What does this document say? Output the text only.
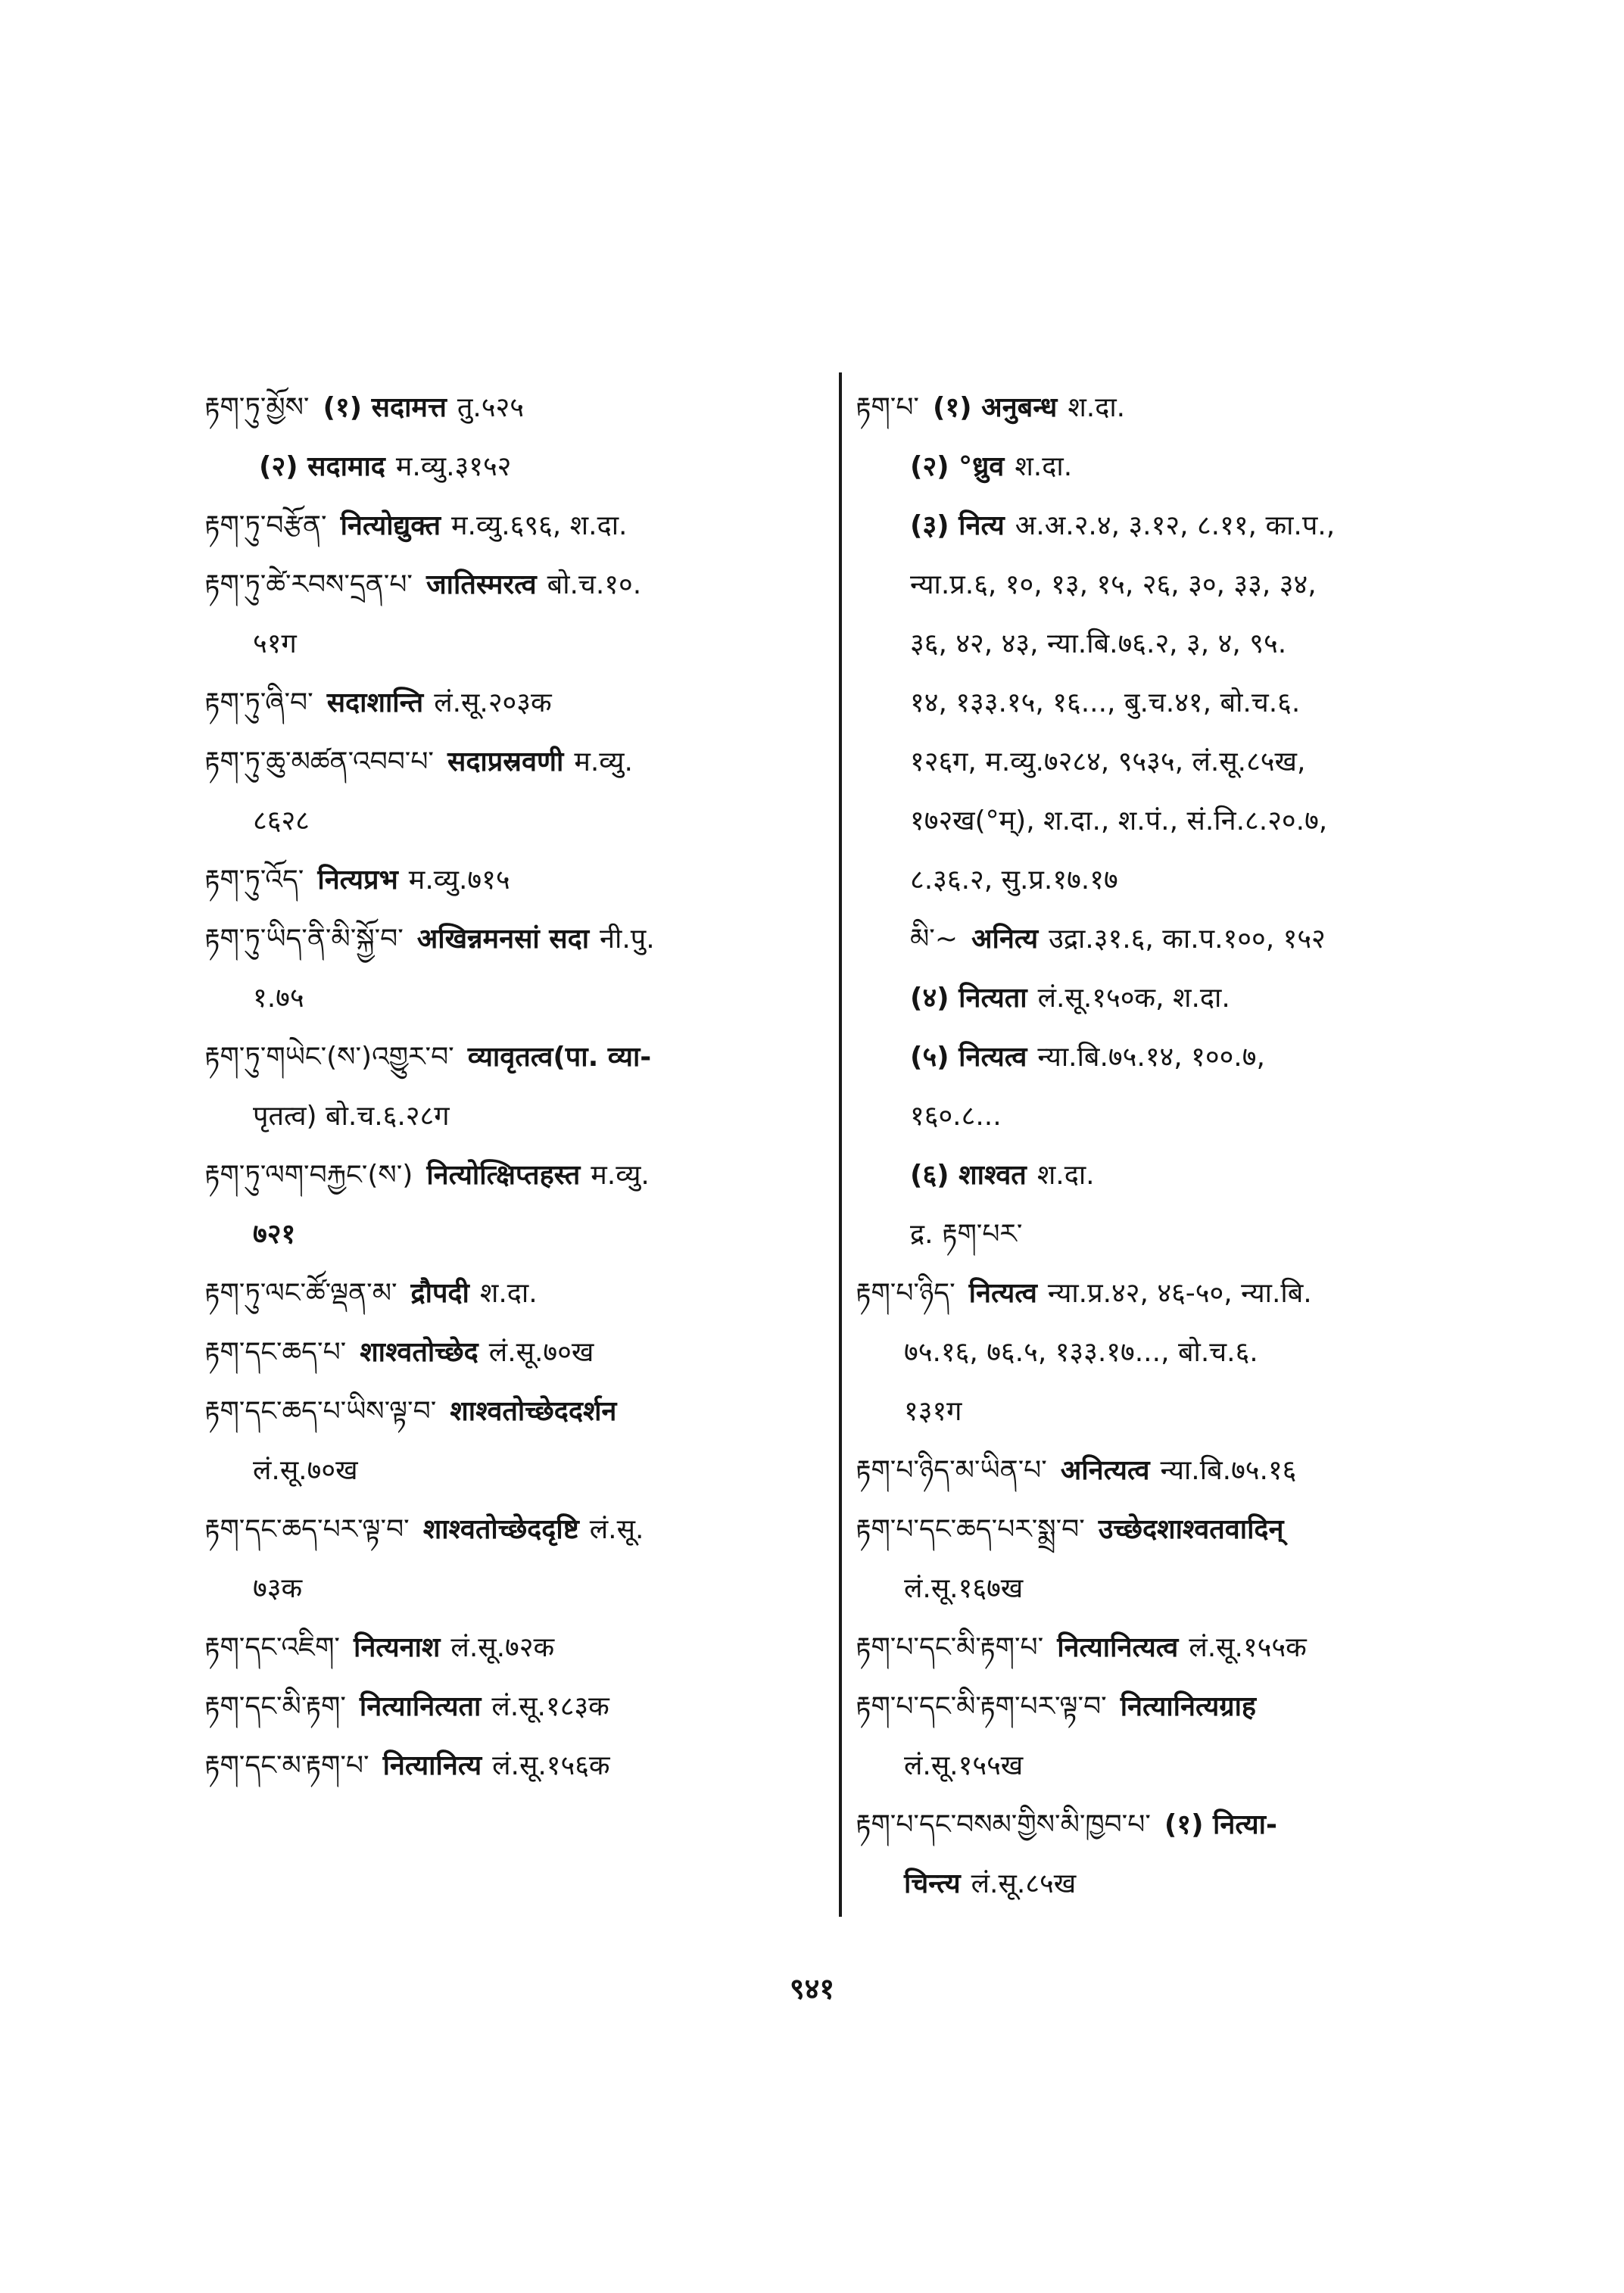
རྟག་ཏུ་མྱོས་ (१) सदामत्त तु.५२५

(२) सदामाद म.व्यु.३१५२

རྟག་ཏུ་བརྩོན་ नित्योद्युक्त म.व्यु.६९६, श.दा.

རྟག་ཏུ་ཚེ་རབས་དྲན་པ་ जातिस्मरत्व बो.च.१०.

५१ग

རྟག་ཏུ་ཞི་བ་ सदाशान्ति लं.सू.२०३क

རྟག་ཏུ་ཆུ་མཚན་འབབ་པ་ सदाप्रस्रवणी म.व्यु.

८६२८

རྟག་ཏུ་འོད་ नित्यप्रभ म.व्यु.७१५

རྟག་ཏུ་ཡིད་ནི་མི་སྐྱོ་བ་ अखिन्नमनसां सदा नी.पु.

१.७५

རྟག་ཏུ་གཡེང་(ས་)འགྱུར་བ་ व्यावृतत्व(पा. व्या-

पृतत्व) बो.च.६.२८ग

རྟག་ཏུ་ལག་བརྐྱང་(ས་) नित्योत्क्षिप्तहस्त म.व्यु.

७२१

རྟག་ཏུ་ལང་ཚོ་ལྡན་མ་ द्रौपदी श.दा.

རྟག་དང་ཆད་པ་ शाश्वतोच्छेद लं.सू.७०ख

རྟག་དང་ཆད་པ་ཡིས་ལྟ་བ་ शाश्वतोच्छेददर्शन

लं.सू.७०ख

རྟག་དང་ཆད་པར་ལྟ་བ་ शाश्वतोच्छेददृष्टि लं.सू.

७३क

རྟག་དང་འཇིག་ नित्यनाश लं.सू.७२क

རྟག་དང་མི་རྟག་ नित्यानित्यता लं.सू.१८३क

རྟག་དང་མ་རྟག་པ་ नित्यानित्य लं.सू.१५६क

རྟག་པ་ (१) अनुबन्ध श.दा.

(२) °ध्रुव श.दा.

(३) नित्य अ.अ.२.४, ३.१२, ८.११, का.प.,

न्या.प्र.६, १०, १३, १५, २६, ३०, ३३, ३४,

३६, ४२, ४३, न्या.बि.७६.२, ३, ४, ९५.

१४, १३३.१५, १६..., बु.च.४१, बो.च.६.

१२६ग, म.व्यु.७२८४, ९५३५, लं.सू.८५ख,

१७२ख(°म्), श.दा., श.पं., सं.नि.८.२०.७,

८.३६.२, सु.प्र.१७.१७

མི་~ अनित्य उद्रा.३१.६, का.प.१००, १५२

(४) नित्यता लं.सू.१५०क, श.दा.

(५) नित्यत्व न्या.बि.७५.१४, १००.७,

१६०.८...

(६) शाश्वत श.दा.

द्र. རྟག་པར་

རྟག་པ་ཉིད་ नित्यत्व न्या.प्र.४२, ४६-५०, न्या.बि.

७५.१६, ७६.५, १३३.१७..., बो.च.६.

१३१ग

རྟག་པ་ཉིད་མ་ཡིན་པ་ अनित्यत्व न्या.बि.७५.१६

རྟག་པ་དང་ཆད་པར་སྨྲ་བ་ उच्छेदशाश्वतवादिन्

लं.सू.१६७ख

རྟག་པ་དང་མི་རྟག་པ་ नित्यानित्यत्व लं.सू.१५५क

རྟག་པ་དང་མི་རྟག་པར་ལྟ་བ་ नित्यानित्यग्राह

लं.सू.१५५ख

རྟག་པ་དང་བསམ་གྱིས་མི་ཁྱབ་པ་ (१) नित्या-

चिन्त्य लं.सू.८५ख

९४१
